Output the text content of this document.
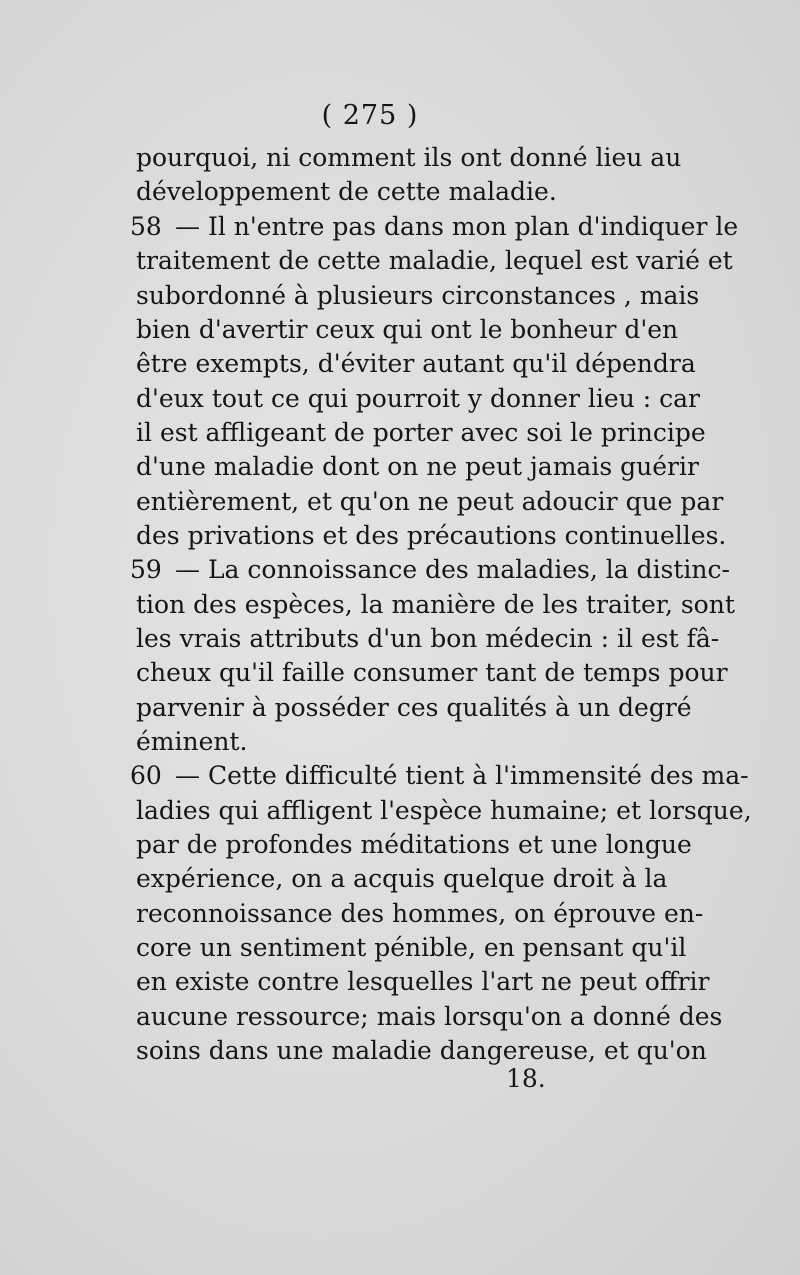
( 275 )
pourquoi, ni comment ils ont donné lieu au
développement de cette maladie.
— Il n'entre pas dans mon plan d'indiquer le
58
traitement de cette maladie, lequel est varié et
subordonné à plusieurs circonstances , mais
bien d'avertir ceux qui ont le bonheur d'en
être exempts, d'éviter autant qu'il dépendra
d'eux tout ce qui pourroit y donner lieu : car
il est affligeant de porter avec soi le principe
d'une maladie dont on ne peut jamais guérir
entièrement, et qu'on ne peut adoucir que par
des privations et des précautions continuelles.
— La connoissance des maladies, la distinc-
59
tion des espèces, la manière de les traiter, sont
les vrais attributs d'un bon médecin : il est fâ-
cheux qu'il faille consumer tant de temps pour
parvenir à posséder ces qualités à un degré
éminent.
— Cette difficulté tient à l'immensité des ma-
60
ladies qui affligent l'espèce humaine; et lorsque,
par de profondes méditations et une longue
expérience, on a acquis quelque droit à la
reconnoissance des hommes, on éprouve en-
core un sentiment pénible, en pensant qu'il
en existe contre lesquelles l'art ne peut offrir
aucune ressource; mais lorsqu'on a donné des
soins dans une maladie dangereuse, et qu'on
18.
